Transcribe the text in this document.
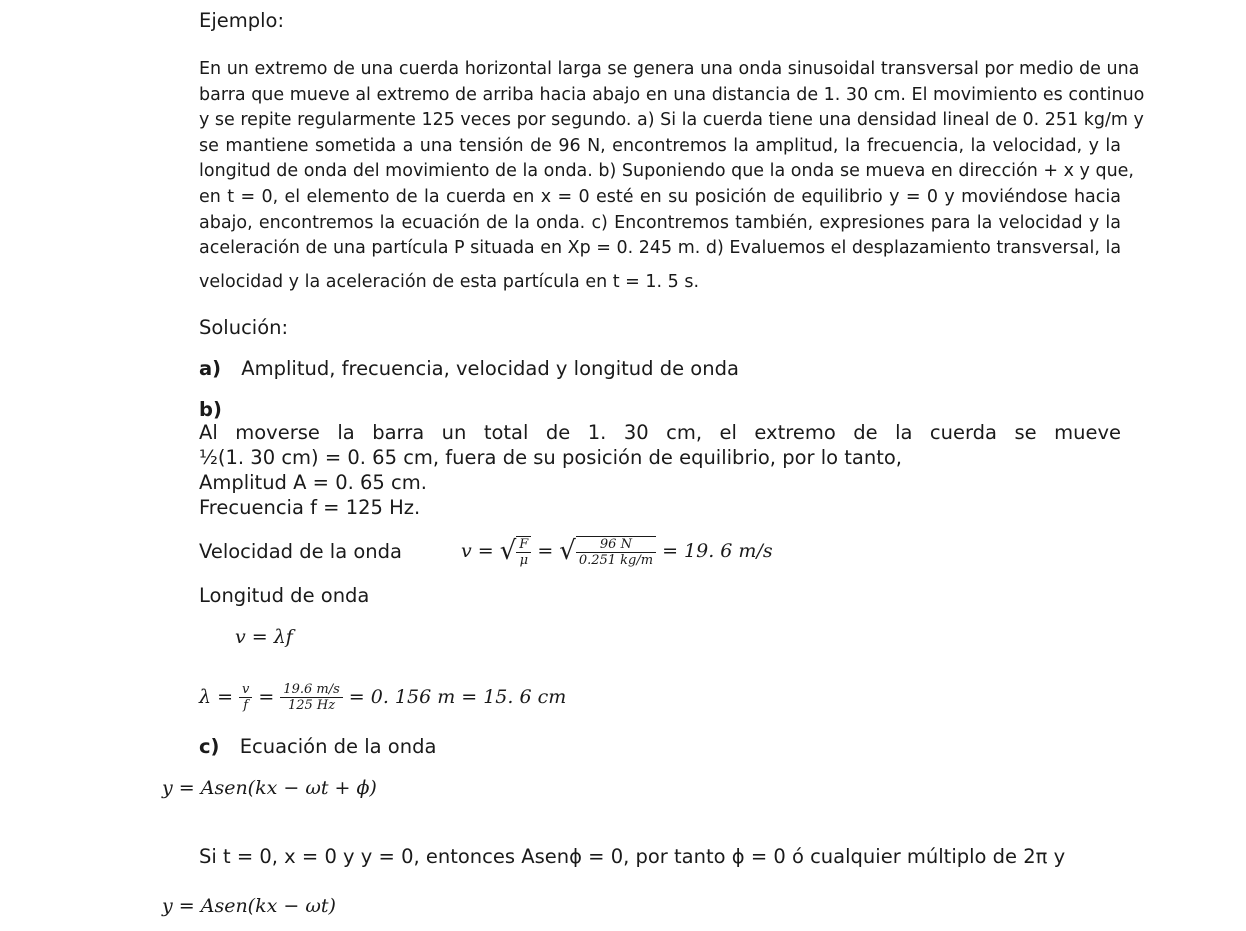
Ejemplo:
En un extremo de una cuerda horizontal larga se genera una onda sinusoidal transversal por medio de una
barra que mueve al extremo de arriba hacia abajo en una distancia de 1. 30 cm. El movimiento es continuo
y se repite regularmente 125 veces por segundo. a) Si la cuerda tiene una densidad lineal de 0. 251 kg/m y
se mantiene sometida a una tensión de 96 N, encontremos la amplitud, la frecuencia, la velocidad, y la
longitud de onda del movimiento de la onda. b) Suponiendo que la onda se mueva en dirección + x y que,
en t = 0, el elemento de la cuerda en x = 0 esté en su posición de equilibrio y = 0 y moviéndose hacia
abajo, encontremos la ecuación de la onda. c) Encontremos también, expresiones para la velocidad y la
aceleración de una partícula P situada en Xp = 0. 245 m. d) Evaluemos el desplazamiento transversal, la
velocidad y la aceleración de esta partícula en t = 1. 5 s.
Solución:
a) Amplitud, frecuencia, velocidad y longitud de onda
b)
Al moverse la barra un total de 1. 30 cm, el extremo de la cuerda se mueve
½(1. 30 cm) = 0. 65 cm, fuera de su posición de equilibrio, por lo tanto,
Amplitud A = 0. 65 cm.
Frecuencia f = 125 Hz.
Velocidad de la onda	v = √ $\frac{F}{\mu}$ = √ $\frac{96 N}{0.251 kg/m} = 19$. 6 m/s
Longitud de onda
v = λf
$\lambda = \frac{v}{f} = \frac{19.6 m/s}{125 Hz} = 0$. 156 m = 15. 6 cm
c) Ecuación de la onda
y = Asen(kx − ωt + ϕ)
Si t = 0, x = 0 y y = 0, entonces Asenϕ = 0, por tanto ϕ = 0 ó cualquier múltiplo de 2π y
y = Asen(kx − ωt)
